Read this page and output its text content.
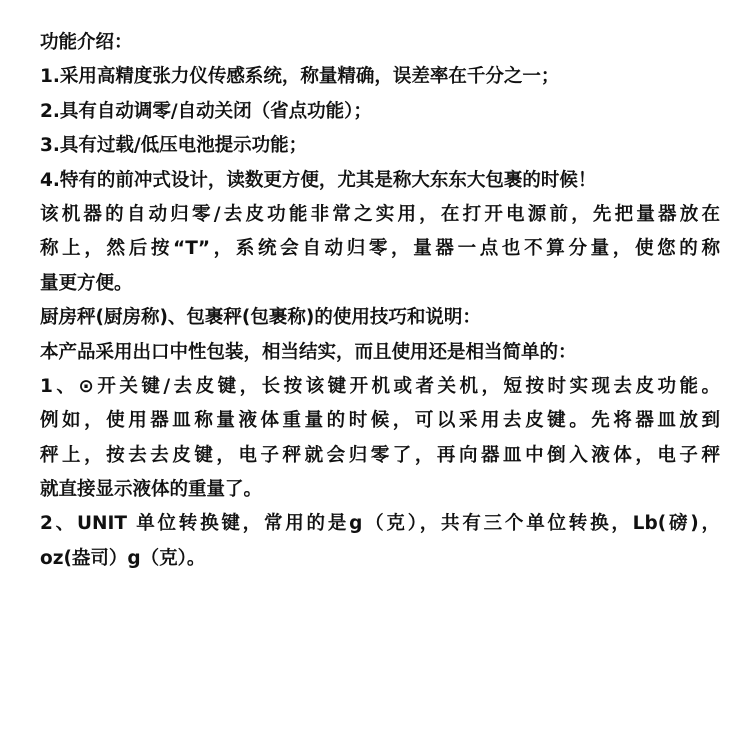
功能介绍：
1.采用高精度张力仪传感系统，称量精确，误差率在千分之一；
2.具有自动调零/自动关闭（省点功能）；
3.具有过载/低压电池提示功能；
4.特有的前冲式设计，读数更方便，尤其是称大东东大包裹的时候！
该机器的自动归零/去皮功能非常之实用，在打开电源前，先把量器放在
称上，然后按“T”，系统会自动归零，量器一点也不算分量，使您的称
量更方便。
厨房秤(厨房称)、包裹秤(包裹称)的使用技巧和说明：
本产品采用出口中性包装，相当结实，而且使用还是相当简单的：
1、⊙开关键/去皮键，长按该键开机或者关机，短按时实现去皮功能。
例如，使用器皿称量液体重量的时候，可以采用去皮键。先将器皿放到
秤上，按去去皮键，电子秤就会归零了，再向器皿中倒入液体，电子秤
就直接显示液体的重量了。
2、UNIT 单位转换键，常用的是g（克），共有三个单位转换，Lb(磅)，
oz(盎司）g（克）。
